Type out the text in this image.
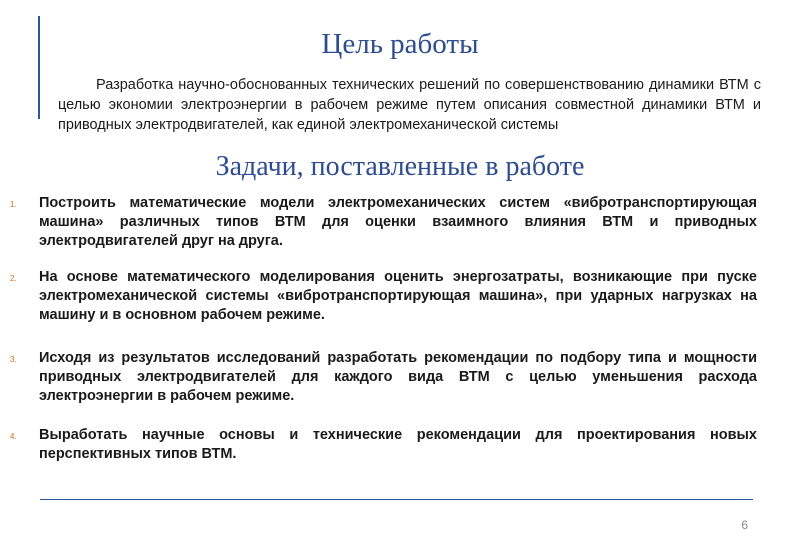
Цель работы

Разработка научно-обоснованных технических решений по совершенствованию динамики ВТМ с целью экономии электроэнергии в рабочем режиме путем описания совместной динамики ВТМ и приводных электродвигателей, как единой электромеханической системы

Задачи, поставленные в работе
1. Построить математические модели электромеханических систем «вибротранспортирующая машина» различных типов ВТМ для оценки взаимного влияния ВТМ и приводных электродвигателей друг на друга.

2. На основе математического моделирования оценить энергозатраты, возникающие при пуске электромеханической системы «вибротранспортирующая машина», при ударных нагрузках на машину и в основном рабочем режиме.

3. Исходя из результатов исследований разработать рекомендации по подбору типа и мощности приводных электродвигателей для каждого вида ВТМ с целью уменьшения расхода электроэнергии в рабочем режиме.

4. Выработать научные основы и технические рекомендации для проектирования новых перспективных типов ВТМ.

6
